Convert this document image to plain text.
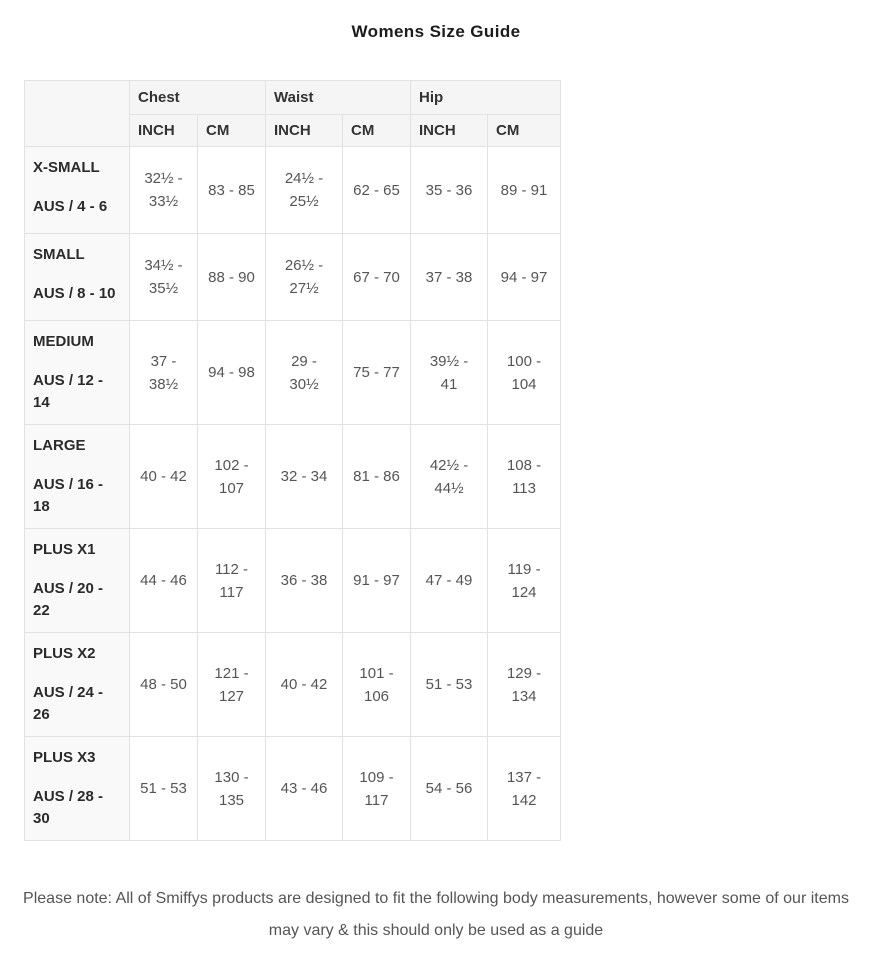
Womens Size Guide
	Chest		Waist		Hip	
	INCH	CM	INCH	CM	INCH	CM

X-SMALL
AUS / 4 - 6	32½ - 33½	83 - 85	24½ - 25½	62 - 65	35 - 36	89 - 91

SMALL
AUS / 8 - 10	34½ - 35½	88 - 90	26½ - 27½	67 - 70	37 - 38	94 - 97

MEDIUM
AUS / 12 - 14	37 - 38½	94 - 98	29 - 30½	75 - 77	39½ - 41	100 - 104

LARGE
AUS / 16 - 18	40 - 42	102 - 107	32 - 34	81 - 86	42½ - 44½	108 - 113

PLUS X1
AUS / 20 - 22	44 - 46	112 - 117	36 - 38	91 - 97	47 - 49	119 - 124

PLUS X2
AUS / 24 - 26	48 - 50	121 - 127	40 - 42	101 - 106	51 - 53	129 - 134

PLUS X3
AUS / 28 - 30	51 - 53	130 - 135	43 - 46	109 - 117	54 - 56	137 - 142

Please note: All of Smiffys products are designed to fit the following body measurements, however some of our items may vary & this should only be used as a guide
